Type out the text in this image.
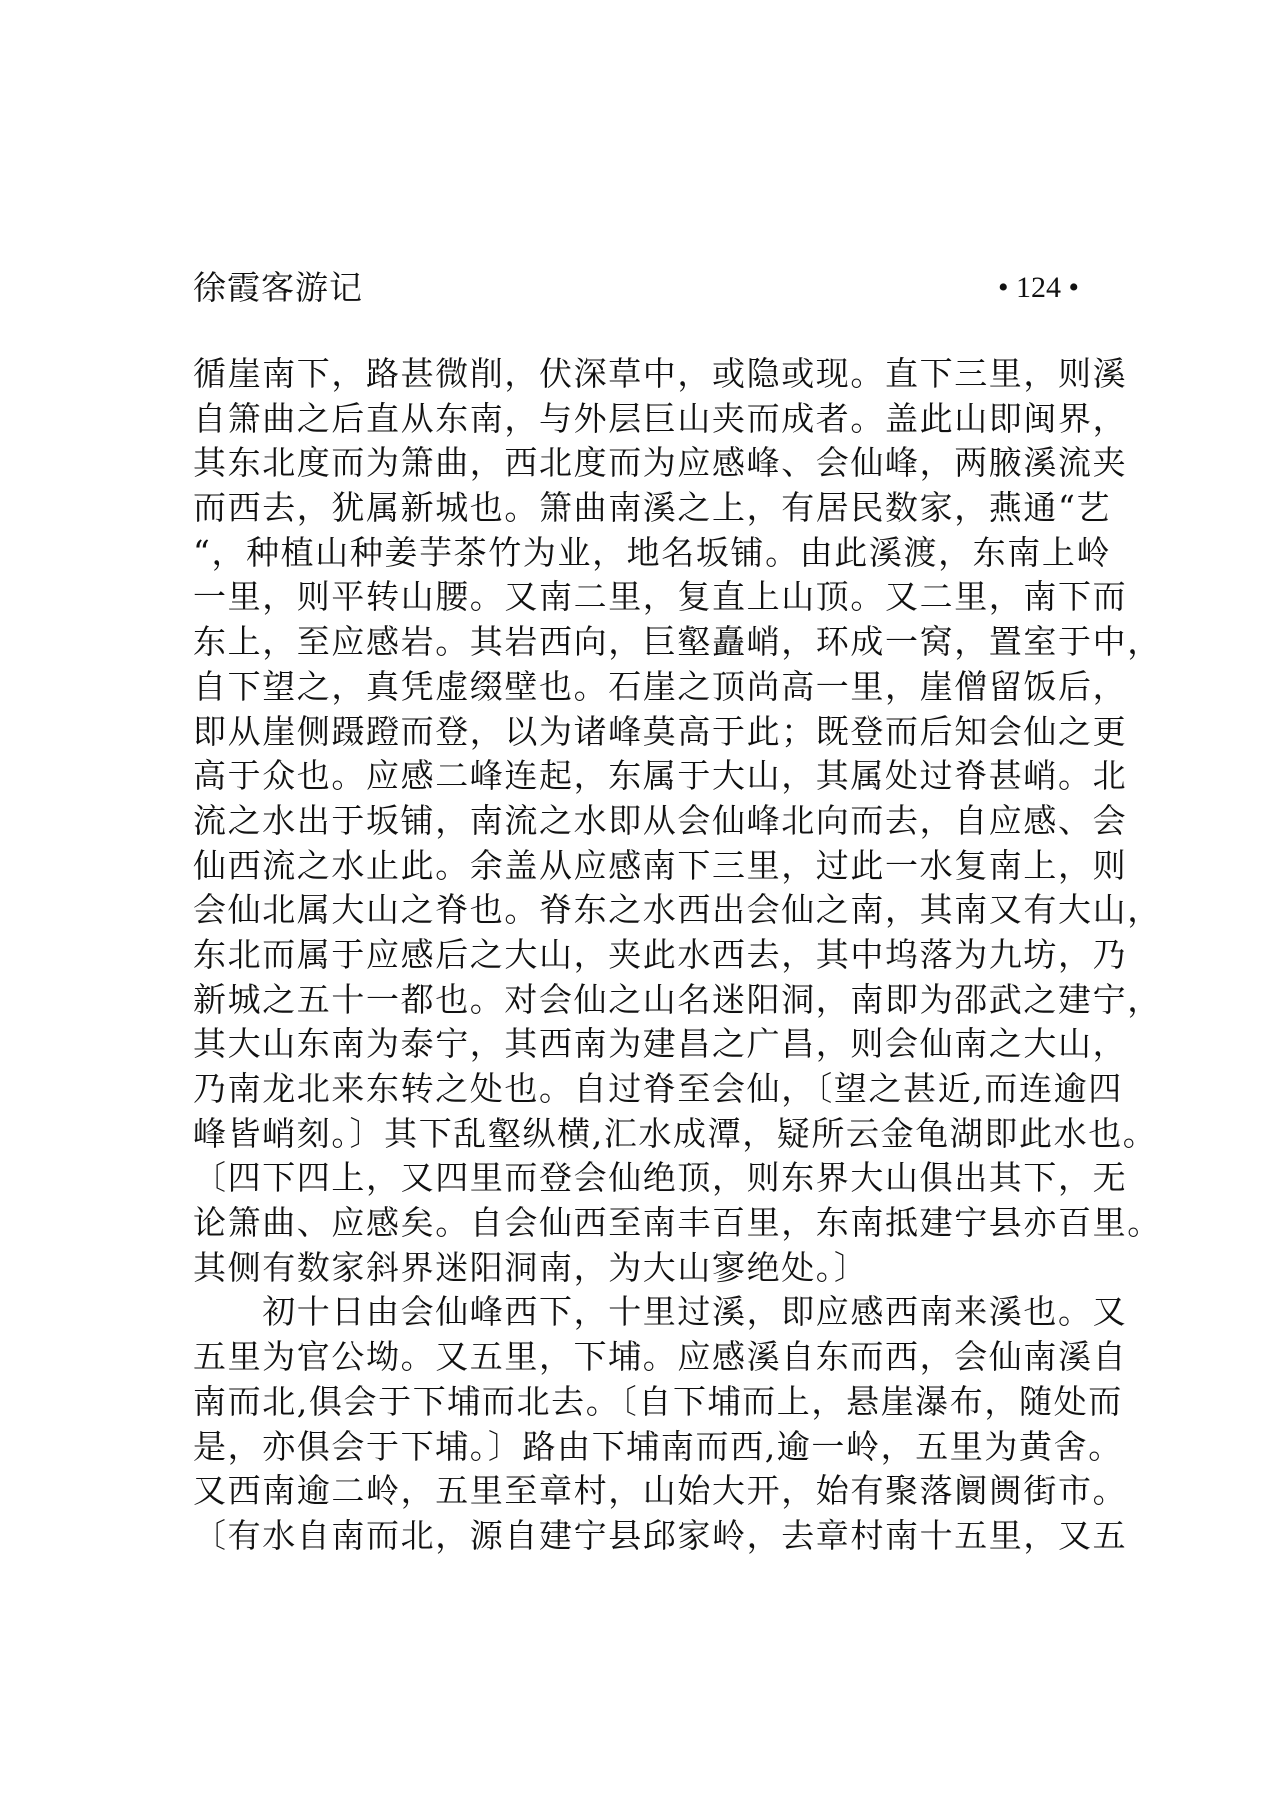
徐霞客游记	• 124 •
循崖南下，路甚微削，伏深草中，或隐或现。直下三里，则溪
自箫曲之后直从东南，与外层巨山夹而成者。盖此山即闽界，
其东北度而为箫曲，西北度而为应感峰、会仙峰，两腋溪流夹
而西去，犹属新城也。箫曲南溪之上，有居民数家，燕通“艺
“，种植山种姜芋茶竹为业，地名坂铺。由此溪渡，东南上岭
一里，则平转山腰。又南二里，复直上山顶。又二里，南下而
东上，至应感岩。其岩西向，巨壑矗峭，环成一窝，置室于中，
自下望之，真凭虚缀壁也。石崖之顶尚高一里，崖僧留饭后，
即从崖侧蹑蹬而登，以为诸峰莫高于此；既登而后知会仙之更
高于众也。应感二峰连起，东属于大山，其属处过脊甚峭。北
流之水出于坂铺，南流之水即从会仙峰北向而去，自应感、会
仙西流之水止此。余盖从应感南下三里，过此一水复南上，则
会仙北属大山之脊也。脊东之水西出会仙之南，其南又有大山，
东北而属于应感后之大山，夹此水西去，其中坞落为九坊，乃
新城之五十一都也。对会仙之山名迷阳洞，南即为邵武之建宁，
其大山东南为泰宁，其西南为建昌之广昌，则会仙南之大山，
乃南龙北来东转之处也。自过脊至会仙，〔望之甚近,而连逾四
峰皆峭刻。〕其下乱壑纵横,汇水成潭，疑所云金龟湖即此水也。
〔四下四上，又四里而登会仙绝顶，则东界大山俱出其下，无
论箫曲、应感矣。自会仙西至南丰百里，东南抵建宁县亦百里。
其侧有数家斜界迷阳洞南，为大山寥绝处。〕
　　初十日由会仙峰西下，十里过溪，即应感西南来溪也。又
五里为官公坳。又五里，下埔。应感溪自东而西，会仙南溪自
南而北,俱会于下埔而北去。〔自下埔而上，悬崖瀑布，随处而
是，亦俱会于下埔。〕路由下埔南而西,逾一岭，五里为黄舍。
又西南逾二岭，五里至章村，山始大开，始有聚落阛阓街市。
〔有水自南而北，源自建宁县邱家岭，去章村南十五里，又五
